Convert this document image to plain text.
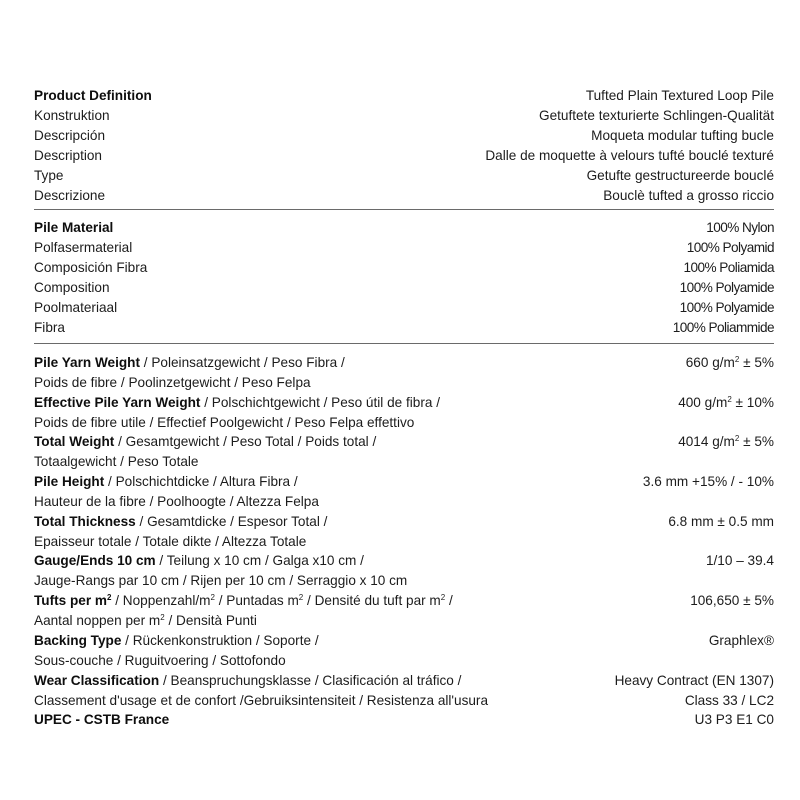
Product Definition	Tufted Plain Textured Loop Pile
Konstruktion	Getuftete texturierte Schlingen-Qualität
Descripción	Moqueta modular tufting bucle
Description	Dalle de moquette à velours tufté bouclé texturé
Type	Getufte gestructureerde bouclé
Descrizione	Bouclè tufted a grosso riccio
Pile Material	100% Nylon
Polfasermaterial	100% Polyamid
Composición Fibra	100% Poliamida
Composition	100% Polyamide
Poolmateriaal	100% Polyamide
Fibra	100% Poliammide
Pile Yarn Weight / Poleinsatzgewicht / Peso Fibra /	660 $g/m^2 \pm 5\%$
Poids de fibre / Poolinzetgewicht / Peso Felpa
Effective Pile Yarn Weight / Polschichtgewicht / Peso útil de fibra /	400 $g/m^2 \pm 10\%$
Poids de fibre utile / Effectief Poolgewicht / Peso Felpa effettivo
Total Weight / Gesamtgewicht / Peso Total / Poids total /	4014 $g/m^2 \pm 5\%$
Totaalgewicht / Peso Totale
Pile Height / Polschichtdicke / Altura Fibra /	3.6 mm +15% / - 10%
Hauteur de la fibre / Poolhoogte / Altezza Felpa
Total Thickness / Gesamtdicke / Espesor Total /	6.8 mm ± 0.5 mm
Epaisseur totale / Totale dikte / Altezza Totale
Gauge/Ends 10 cm / Teilung x 10 cm / Galga x10 cm /	1/10 – 39.4
Jauge-Rangs par 10 cm / Rijen per 10 cm / Serraggio x 10 cm
Tufts per $m^2$ / Noppenzahl/$m^2$ / Puntadas $m^2$ / Densité du tuft par $m^2$ /	106,650 ± 5%
Aantal noppen per $m^2$ / Densità Punti
Backing Type / Rückenkonstruktion / Soporte /	Graphlex®
Sous-couche / Ruguitvoering / Sottofondo
Wear Classification / Beanspruchungsklasse / Clasificación al tráfico /	Heavy Contract (EN 1307)
Classement d'usage et de confort /Gebruiksintensiteit / Resistenza all'usura	Class 33 / LC2
UPEC - CSTB France	U3 P3 E1 C0
